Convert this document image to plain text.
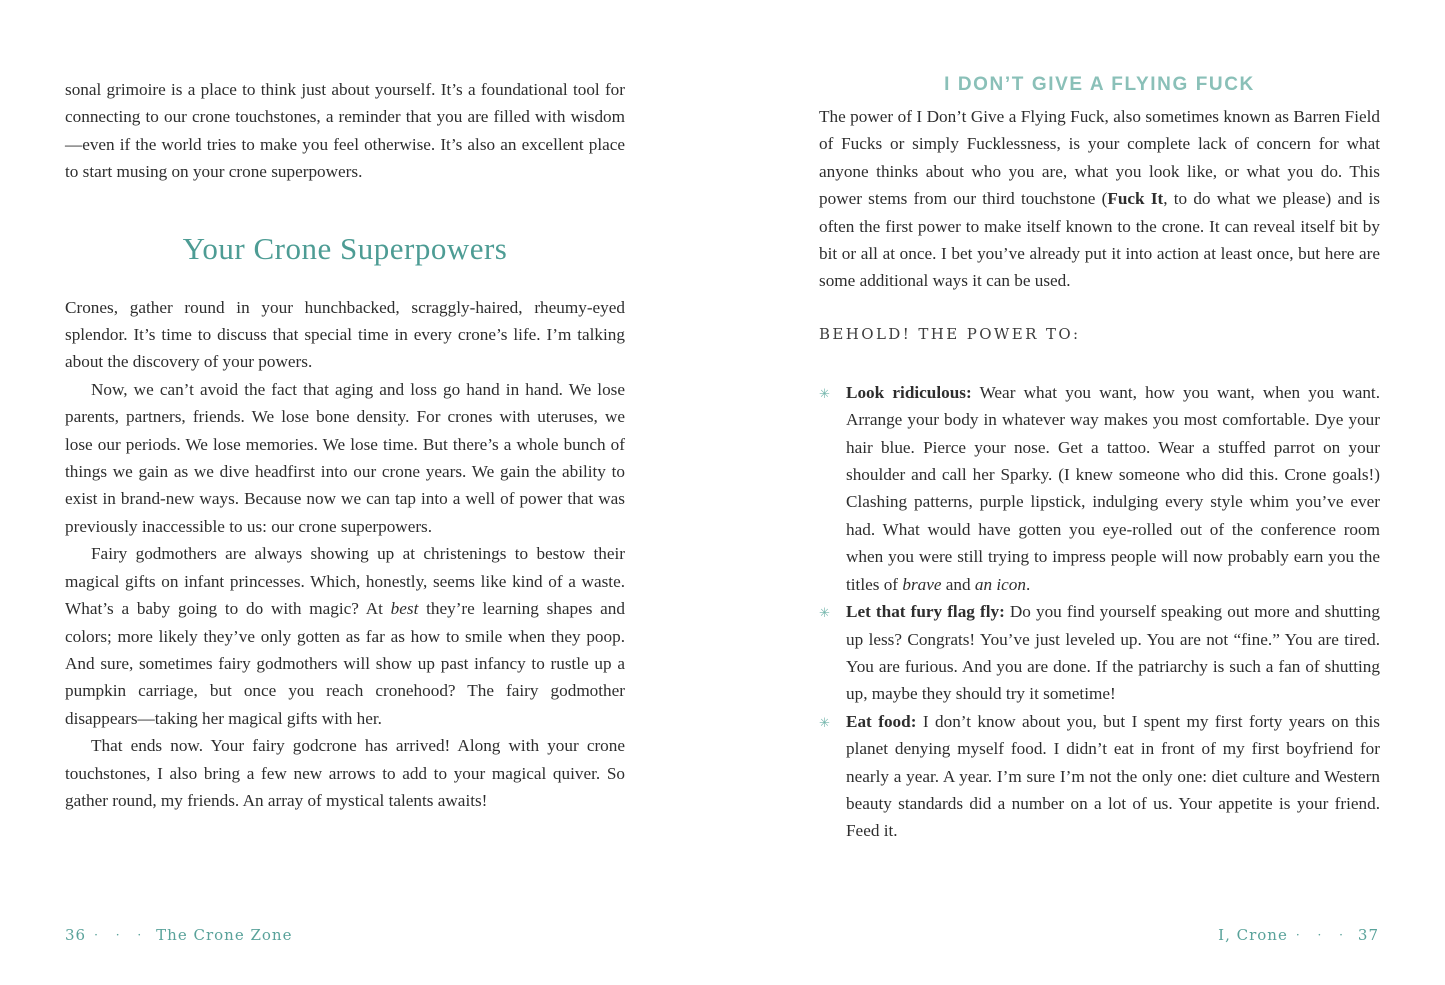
sonal grimoire is a place to think just about yourself. It’s a foundational tool for connecting to our crone touchstones, a reminder that you are filled with wisdom—even if the world tries to make you feel otherwise. It’s also an excellent place to start musing on your crone superpowers.

Your Crone Superpowers

Crones, gather round in your hunchbacked, scraggly-haired, rheumy-eyed splendor. It’s time to discuss that special time in every crone’s life. I’m talking about the discovery of your powers.

Now, we can’t avoid the fact that aging and loss go hand in hand. We lose parents, partners, friends. We lose bone density. For crones with uteruses, we lose our periods. We lose memories. We lose time. But there’s a whole bunch of things we gain as we dive headfirst into our crone years. We gain the ability to exist in brand-new ways. Because now we can tap into a well of power that was previously inaccessible to us: our crone superpowers.

Fairy godmothers are always showing up at christenings to bestow their magical gifts on infant princesses. Which, honestly, seems like kind of a waste. What’s a baby going to do with magic? At best they’re learning shapes and colors; more likely they’ve only gotten as far as how to smile when they poop. And sure, sometimes fairy godmothers will show up past infancy to rustle up a pumpkin carriage, but once you reach cronehood? The fairy godmother disappears—taking her magical gifts with her.

That ends now. Your fairy godcrone has arrived! Along with your crone touchstones, I also bring a few new arrows to add to your magical quiver. So gather round, my friends. An array of mystical talents awaits!

I DON’T GIVE A FLYING FUCK

The power of I Don’t Give a Flying Fuck, also sometimes known as Barren Field of Fucks or simply Fucklessness, is your complete lack of concern for what anyone thinks about who you are, what you look like, or what you do. This power stems from our third touchstone (Fuck It, to do what we please) and is often the first power to make itself known to the crone. It can reveal itself bit by bit or all at once. I bet you’ve already put it into action at least once, but here are some additional ways it can be used.

BEHOLD! THE POWER TO:
✳ Look ridiculous: Wear what you want, how you want, when you want. Arrange your body in whatever way makes you most comfortable. Dye your hair blue. Pierce your nose. Get a tattoo. Wear a stuffed parrot on your shoulder and call her Sparky. (I knew someone who did this. Crone goals!) Clashing patterns, purple lipstick, indulging every style whim you’ve ever had. What would have gotten you eye-rolled out of the conference room when you were still trying to impress people will now probably earn you the titles of brave and an icon.
✳ Let that fury flag fly: Do you find yourself speaking out more and shutting up less? Congrats! You’ve just leveled up. You are not “fine.” You are tired. You are furious. And you are done. If the patriarchy is such a fan of shutting up, maybe they should try it sometime!
✳ Eat food: I don’t know about you, but I spent my first forty years on this planet denying myself food. I didn’t eat in front of my first boyfriend for nearly a year. A year. I’m sure I’m not the only one: diet culture and Western beauty standards did a number on a lot of us. Your appetite is your friend. Feed it.
36 · · · The Crone Zone	I, Crone · · · 37
